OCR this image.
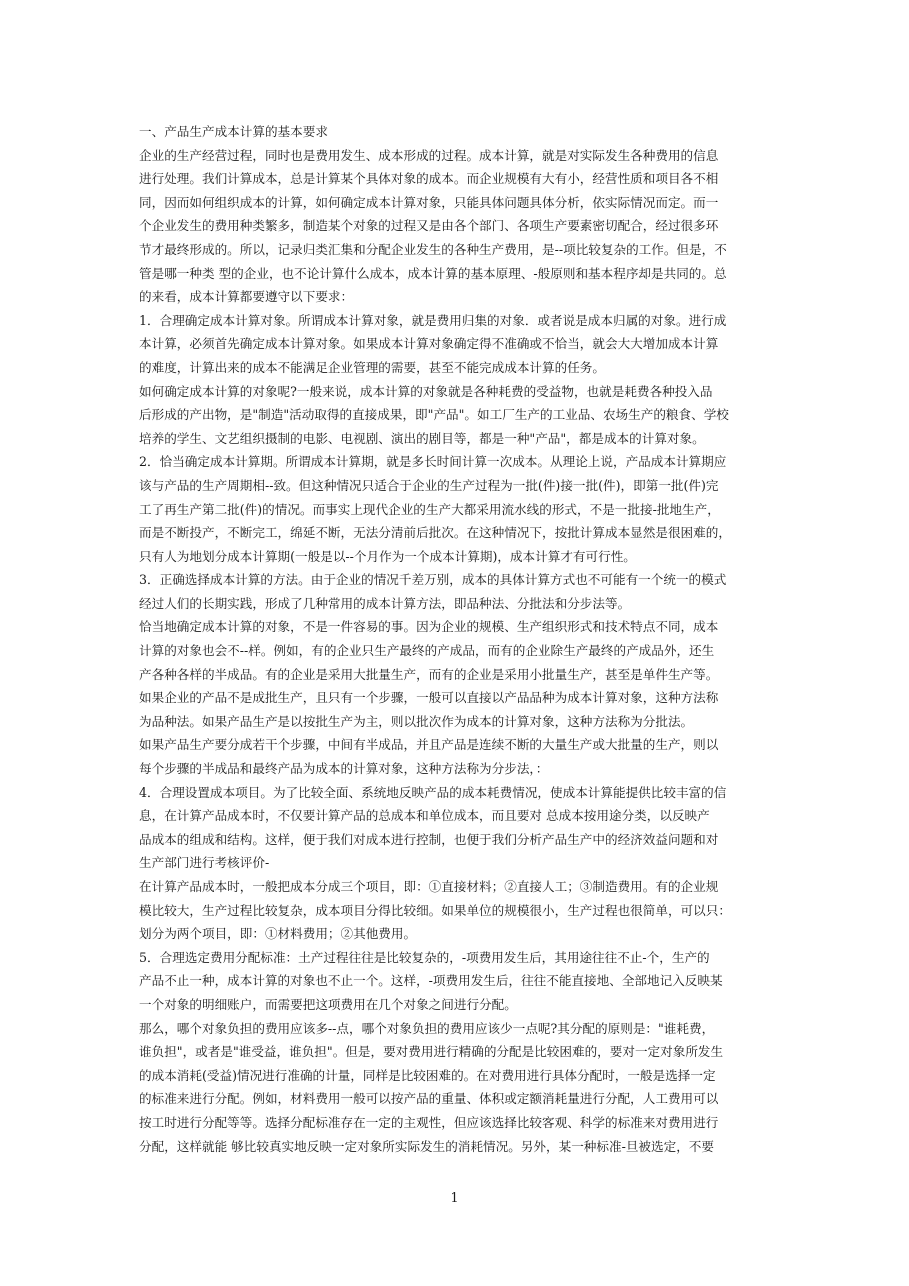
一、产品生产成本计算的基本要求
企业的生产经营过程，同时也是费用发生、成本形成的过程。成本计算，就是对实际发生各种费用的信息
进行处理。我们计算成本，总是计算某个具体对象的成本。而企业规模有大有小，经营性质和项目各不相
同，因而如何组织成本的计算，如何确定成本计算对象，只能具体问题具体分析，依实际情况而定。而一
个企业发生的费用种类繁多，制造某个对象的过程又是由各个部门、各项生产要素密切配合，经过很多环
节才最终形成的。所以，记录归类汇集和分配企业发生的各种生产费用，是--项比较复杂的工作。但是，不
管是哪一种类 型的企业，也不论计算什么成本，成本计算的基本原理、-般原则和基本程序却是共同的。总
的来看，成本计算都要遵守以下要求：
1．合理确定成本计算对象。所谓成本计算对象，就是费用归集的对象．或者说是成本归属的对象。进行成
本计算，必须首先确定成本计算对象。如果成本计算对象确定得不准确或不恰当，就会大大增加成本计算
的难度，计算出来的成本不能满足企业管理的需要，甚至不能完成成本计算的任务。
如何确定成本计算的对象呢?一般来说，成本计算的对象就是各种耗费的受益物，也就是耗费各种投入品
后形成的产出物，是"制造"活动取得的直接成果，即"产品"。如工厂生产的工业品、农场生产的粮食、学校
培养的学生、文艺组织摄制的电影、电视剧、演出的剧目等，都是一种"产品"，都是成本的计算对象。
2．恰当确定成本计算期。所谓成本计算期，就是多长时间计算一次成本。从理论上说，产品成本计算期应
该与产品的生产周期相--致。但这种情况只适合于企业的生产过程为一批(件)接一批(件)，即第一批(件)完
工了再生产第二批(件)的情况。而事实上现代企业的生产大都采用流水线的形式，不是一批接-批地生产，
而是不断投产，不断完工，绵延不断，无法分清前后批次。在这种情况下，按批计算成本显然是很困难的，
只有人为地划分成本计算期(一般是以--个月作为一个成本计算期)，成本计算才有可行性。
3．正确选择成本计算的方法。由于企业的情况千差万别，成本的具体计算方式也不可能有一个统一的模式
经过人们的长期实践，形成了几种常用的成本计算方法，即品种法、分批法和分步法等。
恰当地确定成本计算的对象，不是一件容易的事。因为企业的规模、生产组织形式和技术特点不同，成本
计算的对象也会不--样。例如，有的企业只生产最终的产成品，而有的企业除生产最终的产成品外，还生
产各种各样的半成品。有的企业是采用大批量生产，而有的企业是采用小批量生产，甚至是单件生产等。
如果企业的产品不是成批生产，且只有一个步骤，一般可以直接以产品品种为成本计算对象，这种方法称
为品种法。如果产品生产是以按批生产为主，则以批次作为成本的计算对象，这种方法称为分批法。
如果产品生产要分成若干个步骤，中间有半成品，并且产品是连续不断的大量生产或大批量的生产，则以
每个步骤的半成品和最终产品为成本的计算对象，这种方法称为分步法，：
4．合理设置成本项目。为了比较全面、系统地反映产品的成本耗费情况，使成本计算能提供比较丰富的信
息，在计算产品成本时，不仅要计算产品的总成本和单位成本，而且要对 总成本按用途分类，以反映产
品成本的组成和结构。这样，便于我们对成本进行控制，也便于我们分析产品生产中的经济效益问题和对
生产部门进行考核评价-
在计算产品成本时，一般把成本分成三个项目，即：①直接材料；②直接人工；③制造费用。有的企业规
模比较大，生产过程比较复杂，成本项目分得比较细。如果单位的规模很小，生产过程也很简单，可以只：
划分为两个项目，即：①材料费用；②其他费用。
5．合理选定费用分配标准：土产过程往往是比较复杂的，-项费用发生后，其用途往往不止-个，生产的
产品不止一种，成本计算的对象也不止一个。这样，-项费用发生后，往往不能直接地、全部地记入反映某
一个对象的明细账户，而需要把这项费用在几个对象之间进行分配。
那么，哪个对象负担的费用应该多--点，哪个对象负担的费用应该少一点呢?其分配的原则是："谁耗费，
谁负担"，或者是"谁受益，谁负担"。但是，要对费用进行精确的分配是比较困难的，要对一定对象所发生
的成本消耗(受益)情况进行准确的计量，同样是比较困难的。在对费用进行具体分配时，一般是选择一定
的标准来进行分配。例如，材料费用一般可以按产品的重量、体积或定额消耗量进行分配，人工费用可以
按工时进行分配等等。选择分配标准存在一定的主观性，但应该选择比较客观、科学的标准来对费用进行
分配，这样就能 够比较真实地反映一定对象所实际发生的消耗情况。另外，某一种标准-旦被选定，不要
1
